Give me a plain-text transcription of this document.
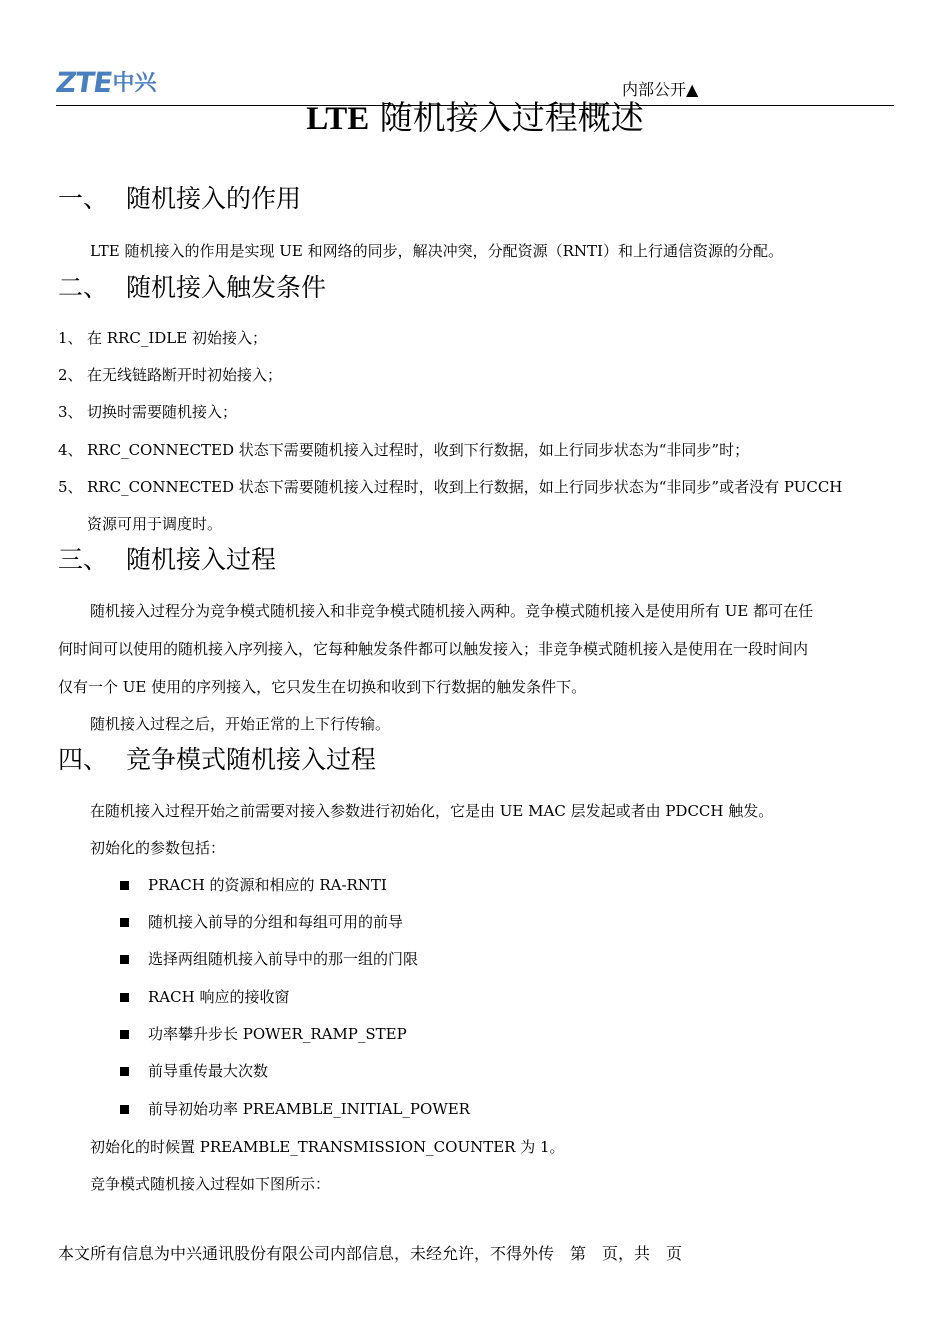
ZTE
中兴	内部公开▲
LTE 随机接入过程概述
一、 随机接入的作用
LTE 随机接入的作用是实现 UE 和网络的同步，解决冲突，分配资源（RNTI）和上行通信资源的分配。
二、 随机接入触发条件
1、 在 RRC_IDLE 初始接入；
2、 在无线链路断开时初始接入；
3、 切换时需要随机接入；
4、 RRC_CONNECTED 状态下需要随机接入过程时，收到下行数据，如上行同步状态为“非同步”时；
5、 RRC_CONNECTED 状态下需要随机接入过程时，收到上行数据，如上行同步状态为“非同步”或者没有 PUCCH
资源可用于调度时。
三、 随机接入过程
随机接入过程分为竞争模式随机接入和非竞争模式随机接入两种。竞争模式随机接入是使用所有 UE 都可在任
何时间可以使用的随机接入序列接入，它每种触发条件都可以触发接入；非竞争模式随机接入是使用在一段时间内
仅有一个 UE 使用的序列接入，它只发生在切换和收到下行数据的触发条件下。
随机接入过程之后，开始正常的上下行传输。
四、 竞争模式随机接入过程
在随机接入过程开始之前需要对接入参数进行初始化，它是由 UE MAC 层发起或者由 PDCCH 触发。
初始化的参数包括：
PRACH 的资源和相应的 RA-RNTI
随机接入前导的分组和每组可用的前导
选择两组随机接入前导中的那一组的门限
RACH 响应的接收窗
功率攀升步长 POWER_RAMP_STEP
前导重传最大次数
前导初始功率 PREAMBLE_INITIAL_POWER
初始化的时候置 PREAMBLE_TRANSMISSION_COUNTER 为 1。
竞争模式随机接入过程如下图所示：
本文所有信息为中兴通讯股份有限公司内部信息，未经允许，不得外传　第　页，共　页
